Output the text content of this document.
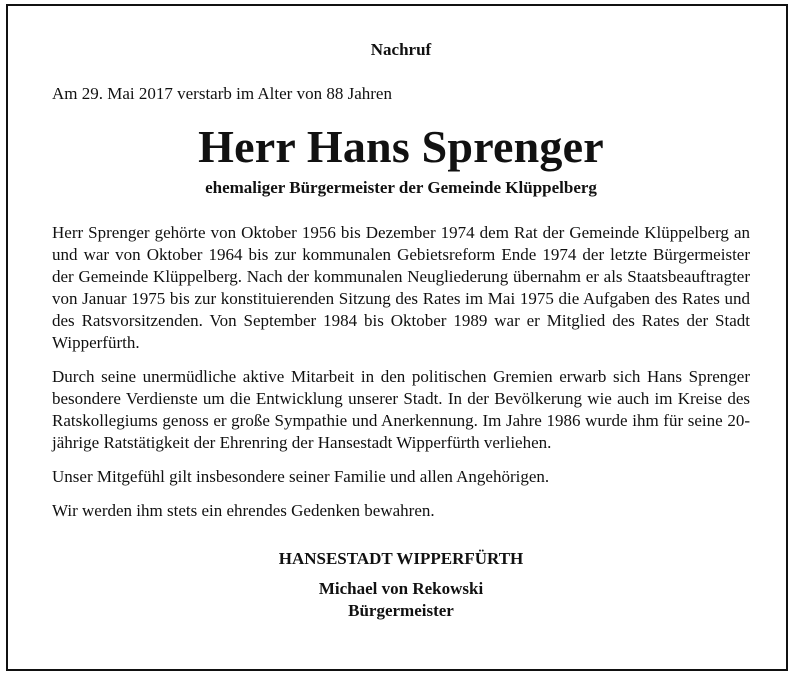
Nachruf
Am 29. Mai 2017 verstarb im Alter von 88 Jahren
Herr Hans Sprenger
ehemaliger Bürgermeister der Gemeinde Klüppelberg

Herr Sprenger gehörte von Oktober 1956 bis Dezember 1974 dem Rat der Gemeinde Klüppelberg an und war von Oktober 1964 bis zur kommunalen Gebietsreform Ende 1974 der letzte Bürgermeister der Gemeinde Klüppelberg. Nach der kommunalen Neugliederung übernahm er als Staatsbeauftragter von Januar 1975 bis zur konstituierenden Sitzung des Rates im Mai 1975 die Aufgaben des Rates und des Ratsvorsitzenden. Von September 1984 bis Oktober 1989 war er Mitglied des Rates der Stadt Wipperfürth.

Durch seine unermüdliche aktive Mitarbeit in den politischen Gremien erwarb sich Hans Sprenger besondere Verdienste um die Entwicklung unserer Stadt. In der Bevölkerung wie auch im Kreise des Ratskollegiums genoss er große Sympathie und Anerkennung. Im Jahre 1986 wurde ihm für seine 20-jährige Ratstätigkeit der Ehrenring der Hansestadt Wipperfürth verliehen.

Unser Mitgefühl gilt insbesondere seiner Familie und allen Angehörigen.

Wir werden ihm stets ein ehrendes Gedenken bewahren.

HANSESTADT WIPPERFÜRTH
Michael von Rekowski
Bürgermeister
